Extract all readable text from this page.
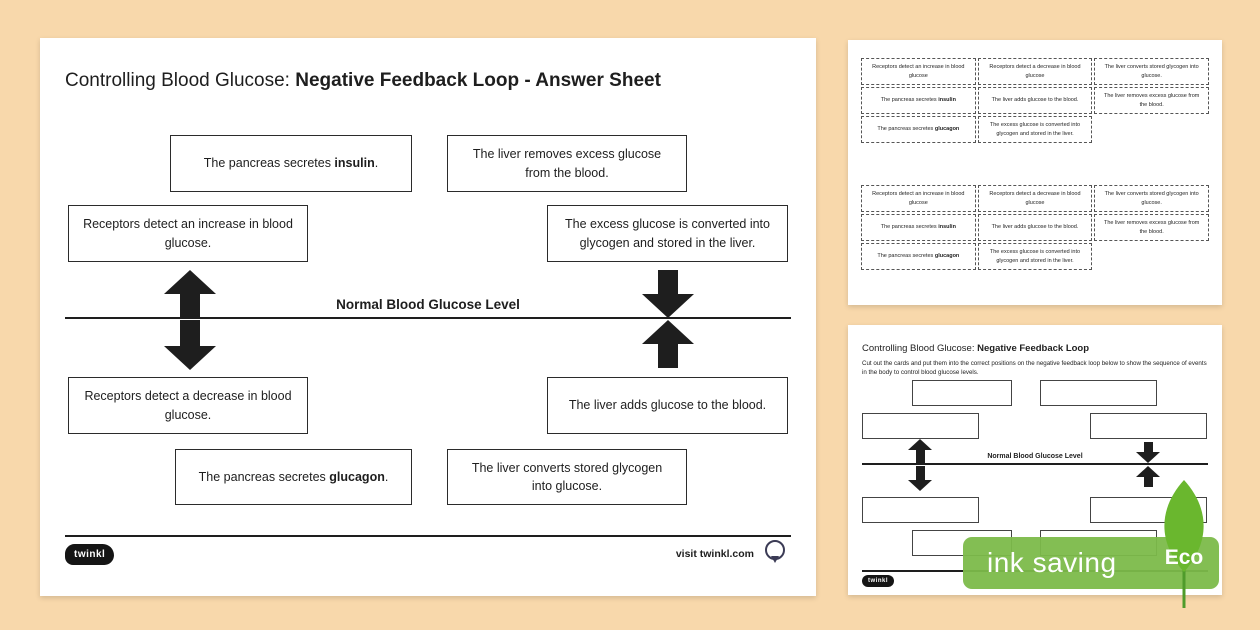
Controlling Blood Glucose: Negative Feedback Loop - Answer Sheet
The pancreas secretes insulin.
The liver removes excess glucose from the blood.
Receptors detect an increase in blood glucose.
The excess glucose is converted into glycogen and stored in the liver.
Normal Blood Glucose Level
Receptors detect a decrease in blood glucose.
The liver adds glucose to the blood.
The pancreas secretes glucagon.
The liver converts stored glycogen into glucose.
twinkl	visit twinkl.com
Receptors detect an increase in blood glucose
Receptors detect a decrease in blood glucose
The liver converts stored glycogen into glucose.
The pancreas secretes insulin	The liver adds glucose to the blood.
The liver removes excess glucose from the blood.
The pancreas secretes glucagon
The excess glucose is converted into glycogen and stored in the liver.
Receptors detect an increase in blood glucose
Receptors detect a decrease in blood glucose
The liver converts stored glycogen into glucose.
The pancreas secretes insulin	The liver adds glucose to the blood.
The liver removes excess glucose from the blood.
The pancreas secretes glucagon
The excess glucose is converted into glycogen and stored in the liver.
Controlling Blood Glucose: Negative Feedback Loop
Cut out the cards and put them into the correct positions on the negative feedback loop below to show the sequence of events in the body to control blood glucose levels.
Normal Blood Glucose Level
twinkl
ink saving	Eco
